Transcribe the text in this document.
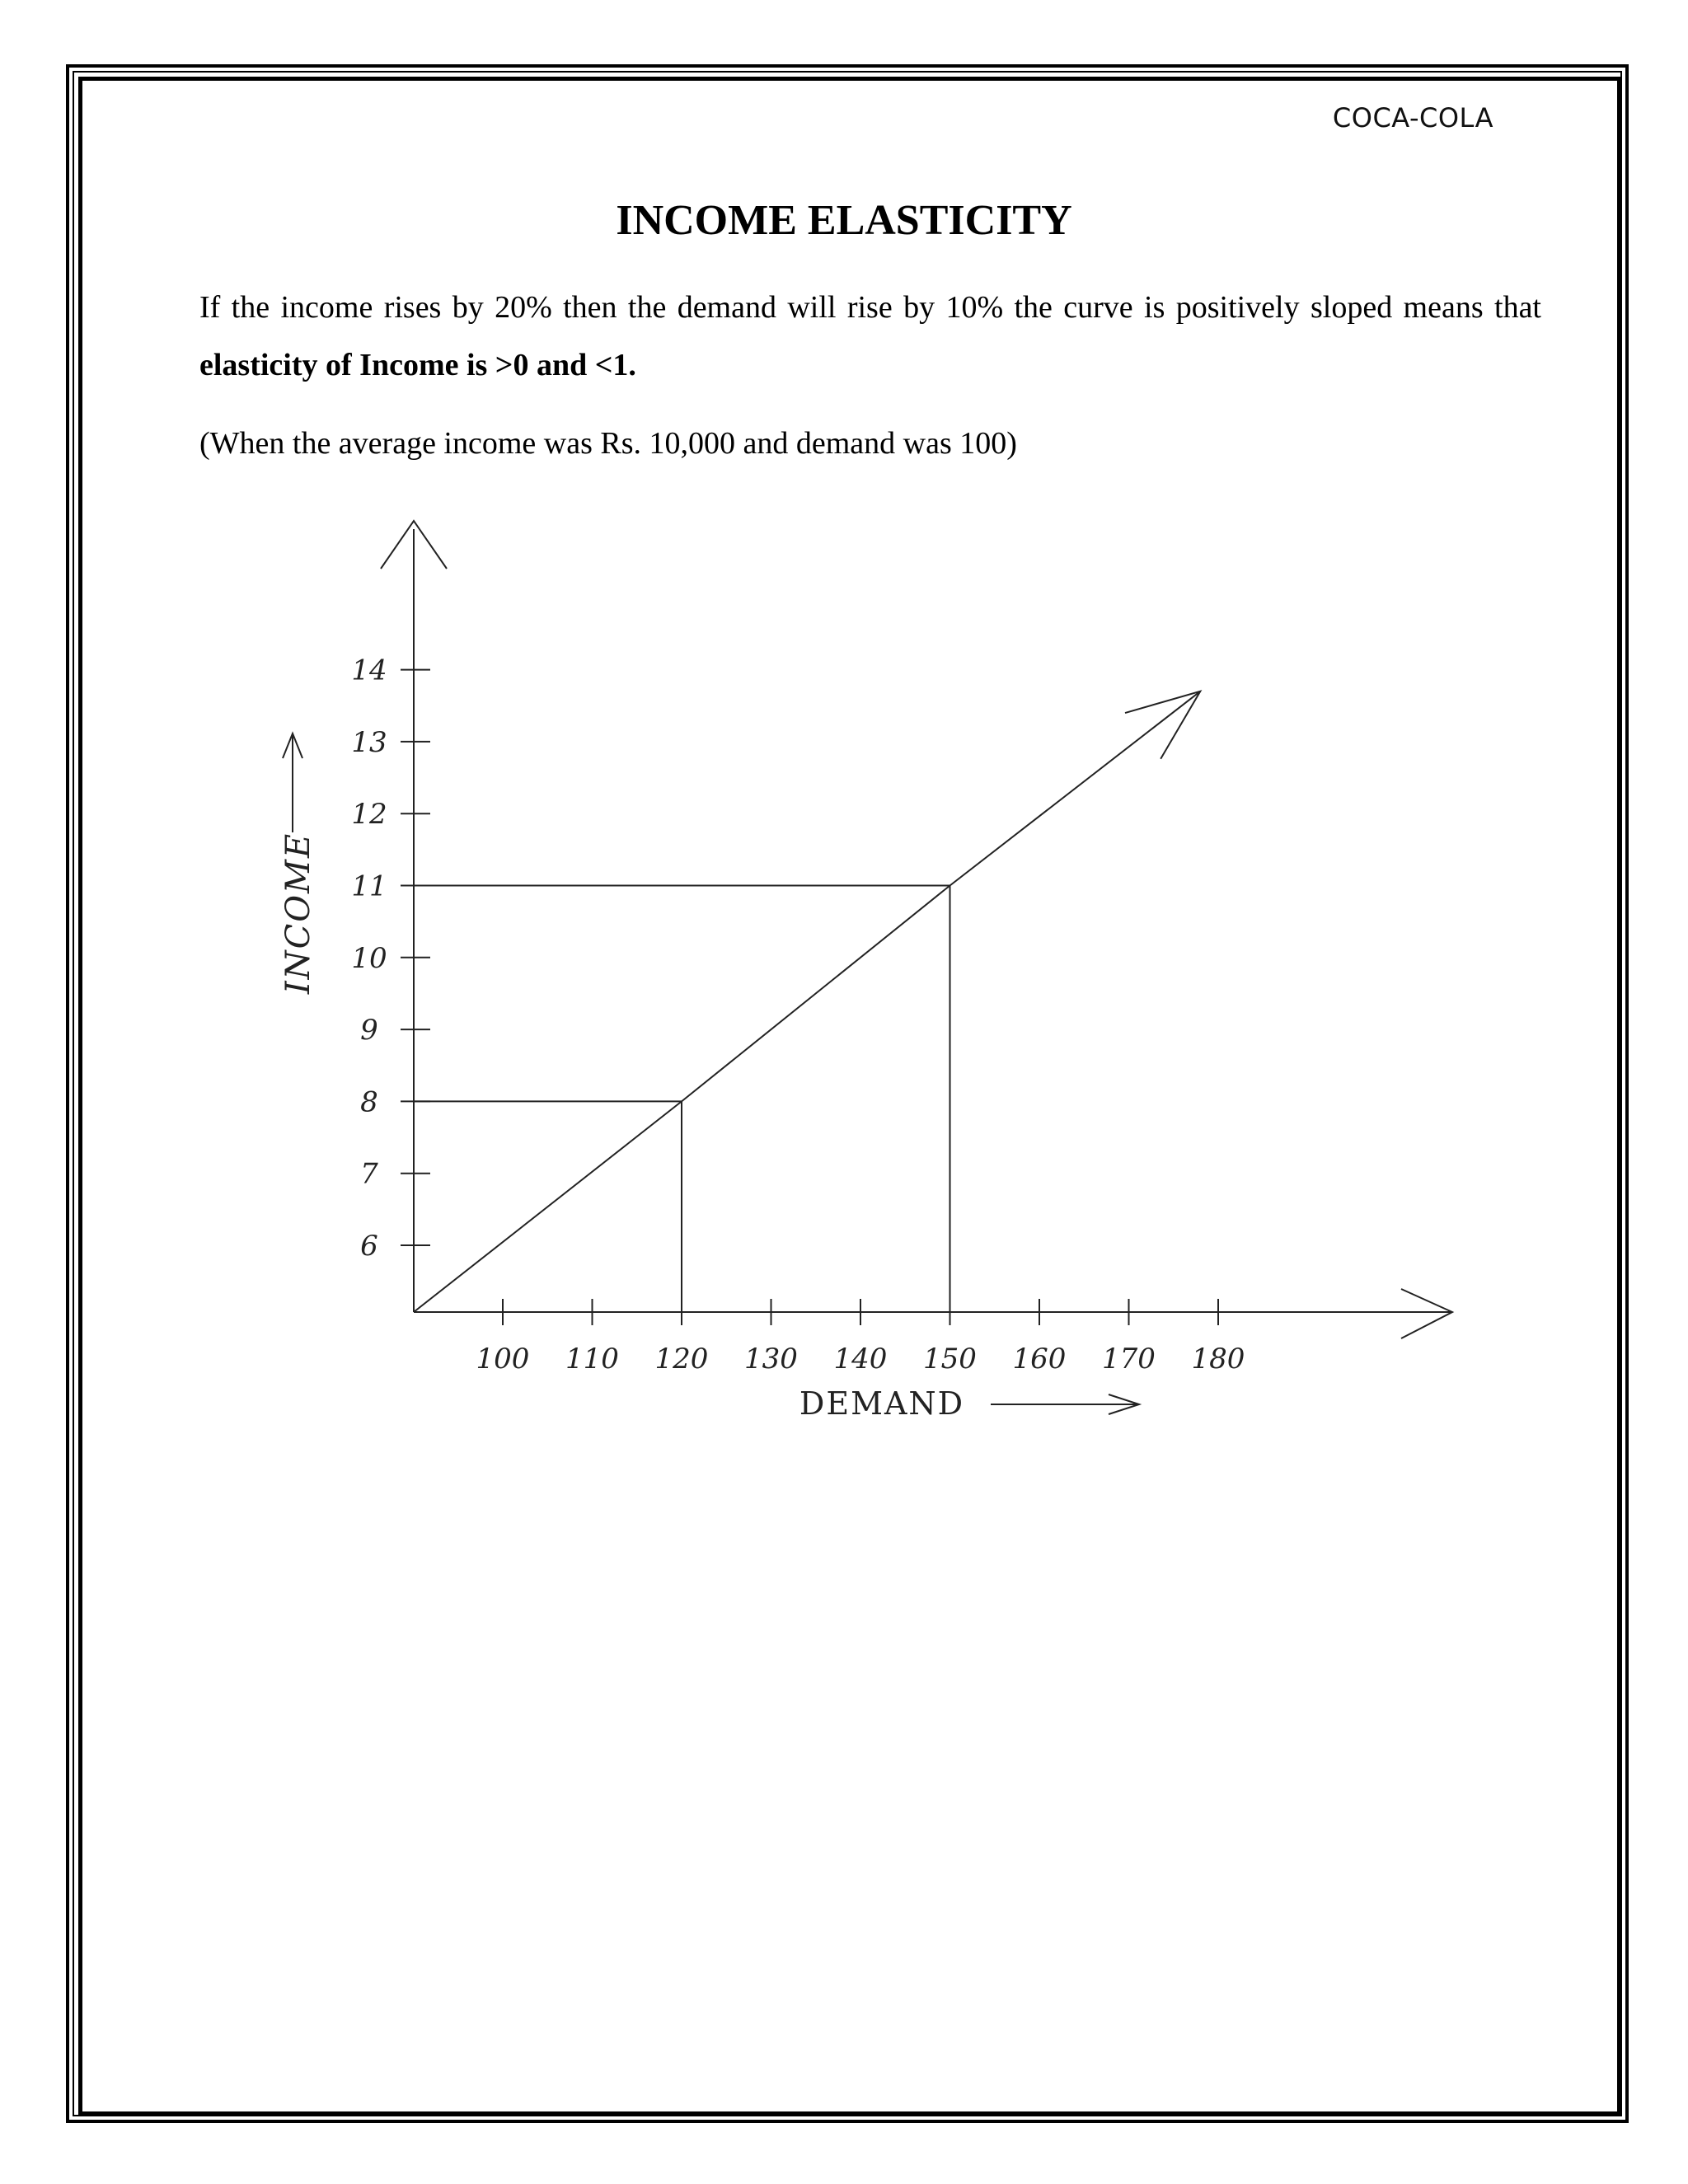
COCA-COLA
INCOME ELASTICITY

If the income rises by 20% then the demand will rise by 10% the curve is positively sloped means that elasticity of Income is >0 and <1.

(When the average income was Rs. 10,000 and demand was 100)

6
7
8
9
10
11
12
13
14
100 110 120 130 140 150 160 170 180
DEMAND
INCOME
